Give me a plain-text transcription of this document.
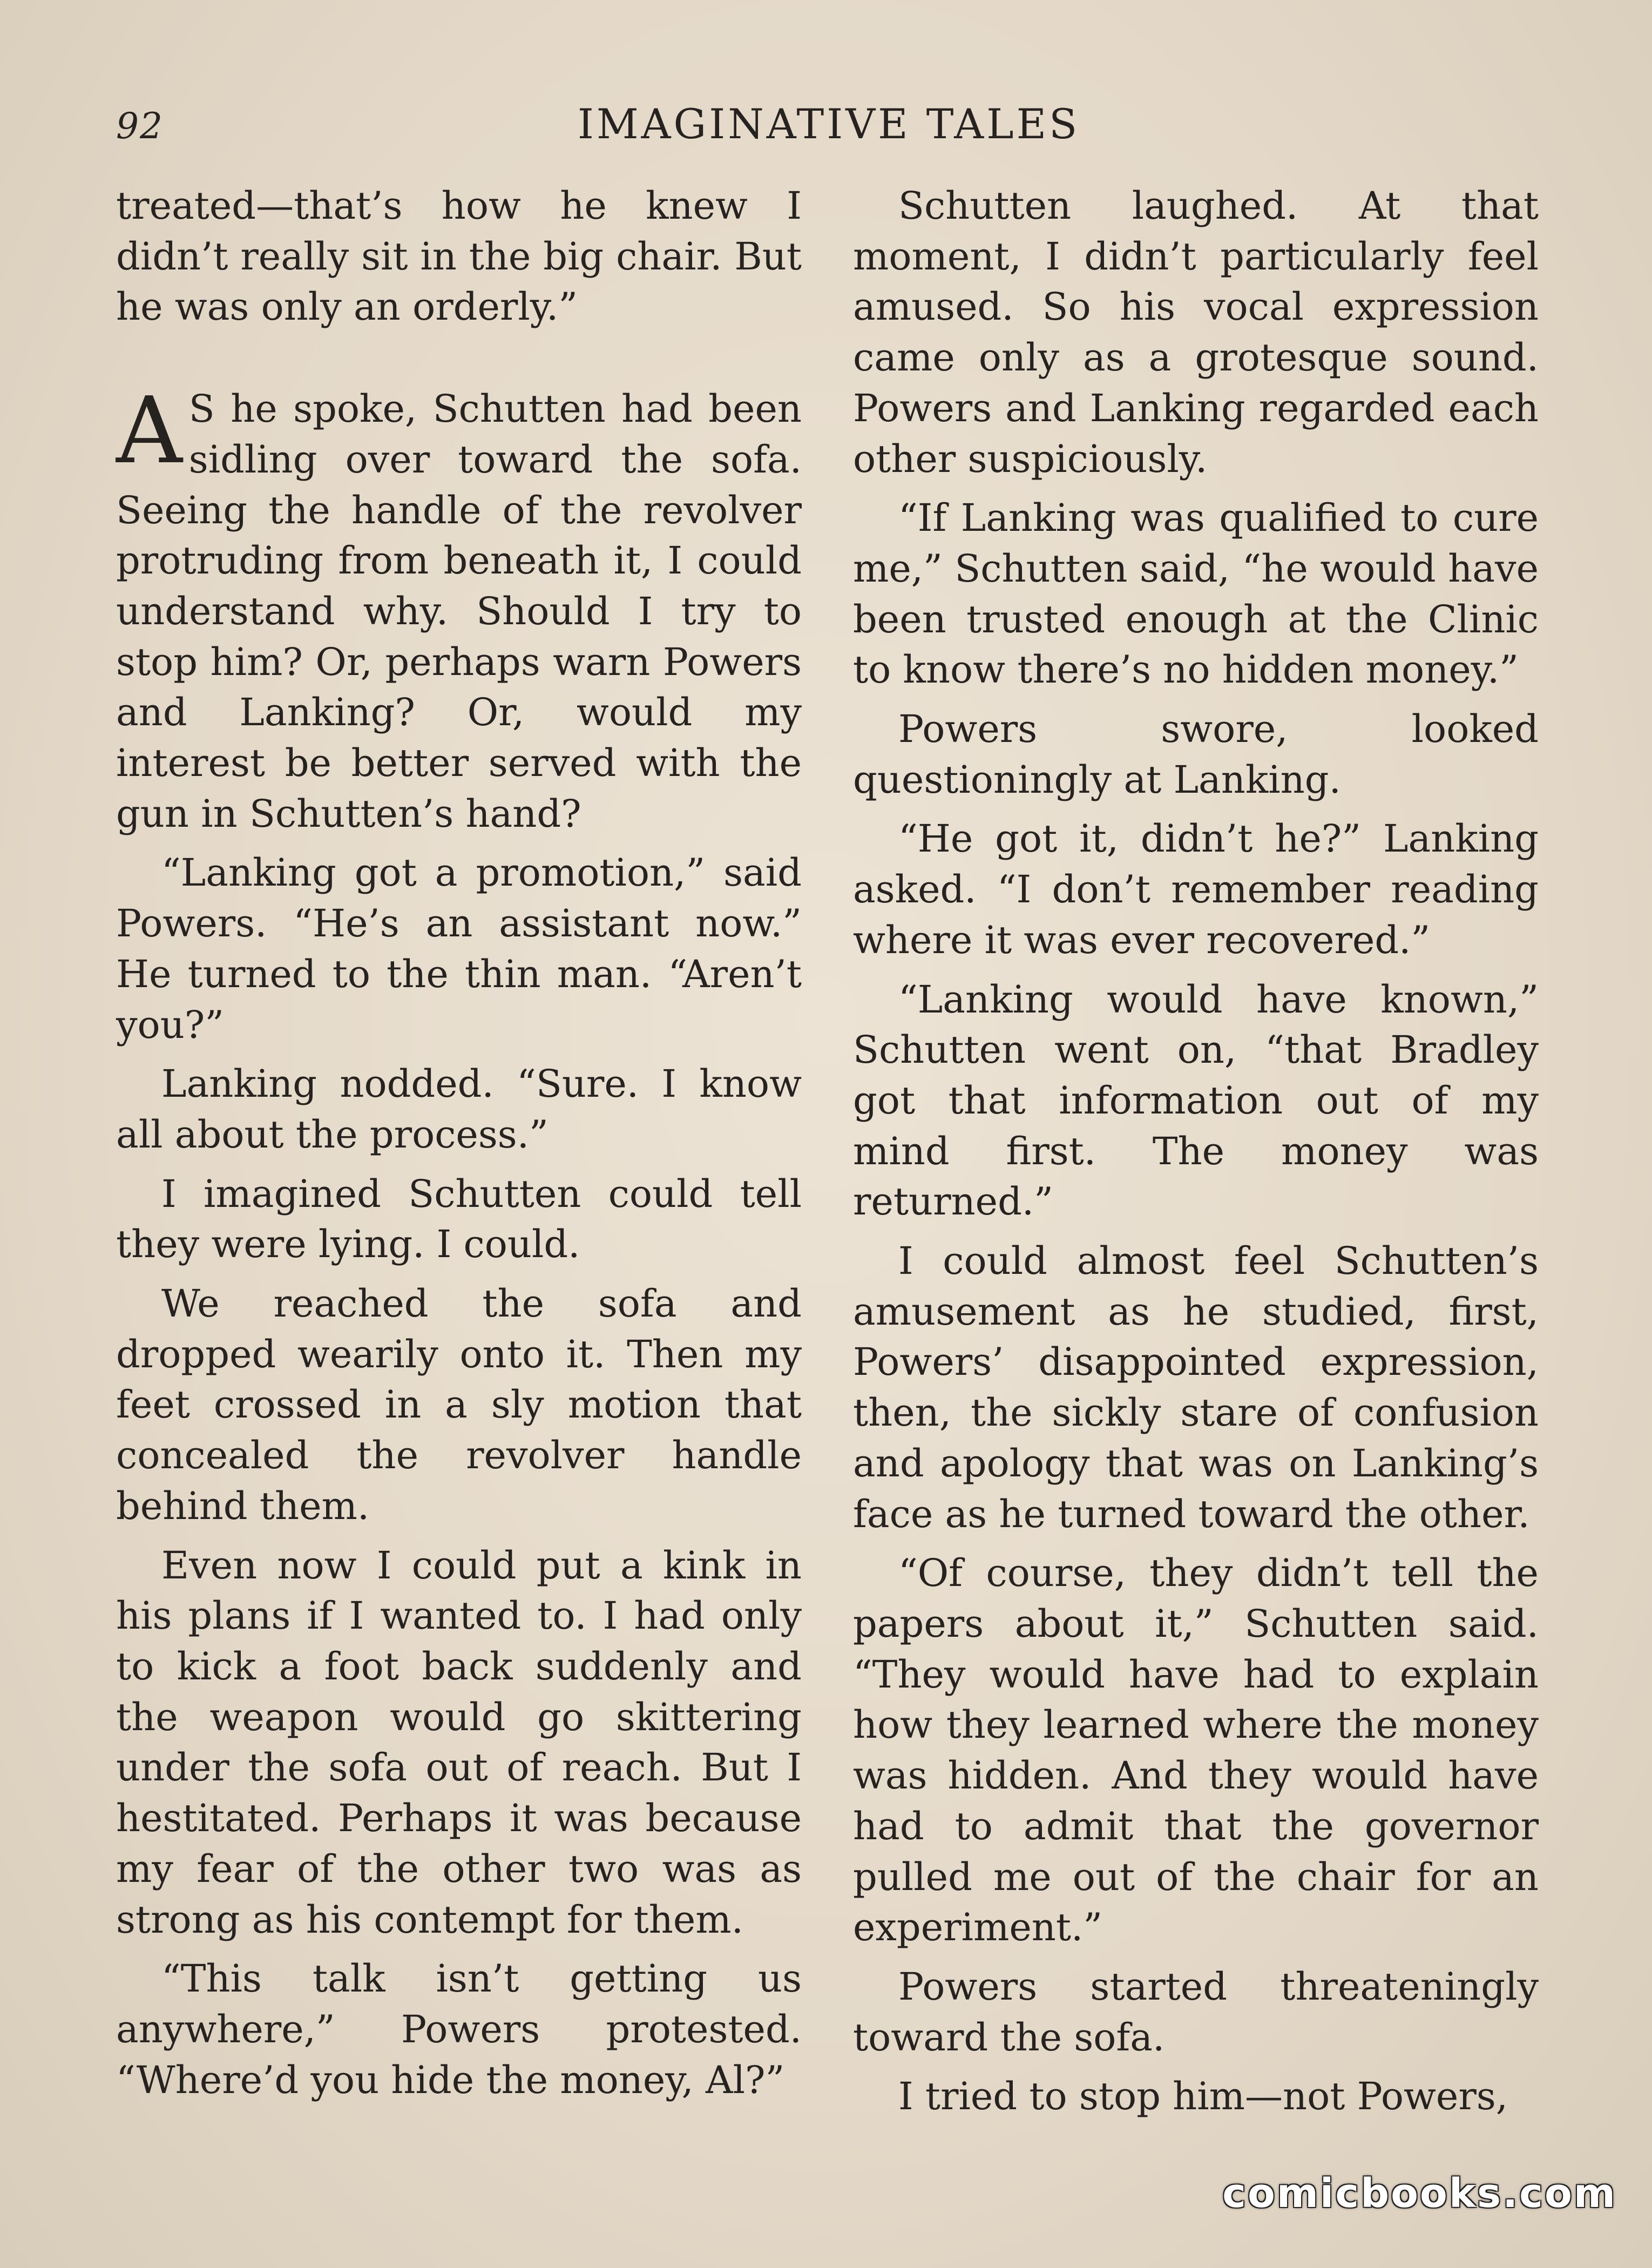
92	IMAGINATIVE TALES

treated—that’s how he knew I didn’t really sit in the big chair. But he was only an orderly.”

A S he spoke, Schutten had been sidling over toward the sofa. Seeing the handle of the revolver protruding from beneath it, I could understand why. Should I try to stop him? Or, perhaps warn Powers and Lanking? Or, would my interest be better served with the gun in Schutten’s hand?

“Lanking got a promotion,” said Powers. “He’s an assistant now.” He turned to the thin man. “Aren’t you?”

Lanking nodded. “Sure. I know all about the process.”

I imagined Schutten could tell they were lying. I could.

We reached the sofa and dropped wearily onto it. Then my feet crossed in a sly motion that concealed the revolver handle behind them.

Even now I could put a kink in his plans if I wanted to. I had only to kick a foot back suddenly and the weapon would go skittering under the sofa out of reach. But I hestitated. Perhaps it was because my fear of the other two was as strong as his contempt for them.

“This talk isn’t getting us anywhere,” Powers protested. “Where’d you hide the money, Al?”

Schutten laughed. At that moment, I didn’t particularly feel amused. So his vocal expression came only as a grotesque sound. Powers and Lanking regarded each other suspiciously.

“If Lanking was qualified to cure me,” Schutten said, “he would have been trusted enough at the Clinic to know there’s no hidden money.”

Powers swore, looked questioningly at Lanking.

“He got it, didn’t he?” Lanking asked. “I don’t remember reading where it was ever recovered.”

“Lanking would have known,” Schutten went on, “that Bradley got that information out of my mind first. The money was returned.”

I could almost feel Schutten’s amusement as he studied, first, Powers’ disappointed expression, then, the sickly stare of confusion and apology that was on Lanking’s face as he turned toward the other.

“Of course, they didn’t tell the papers about it,” Schutten said. “They would have had to explain how they learned where the money was hidden. And they would have had to admit that the governor pulled me out of the chair for an experiment.”

Powers started threateningly toward the sofa.

I tried to stop him—not Powers,

comicbooks.com
